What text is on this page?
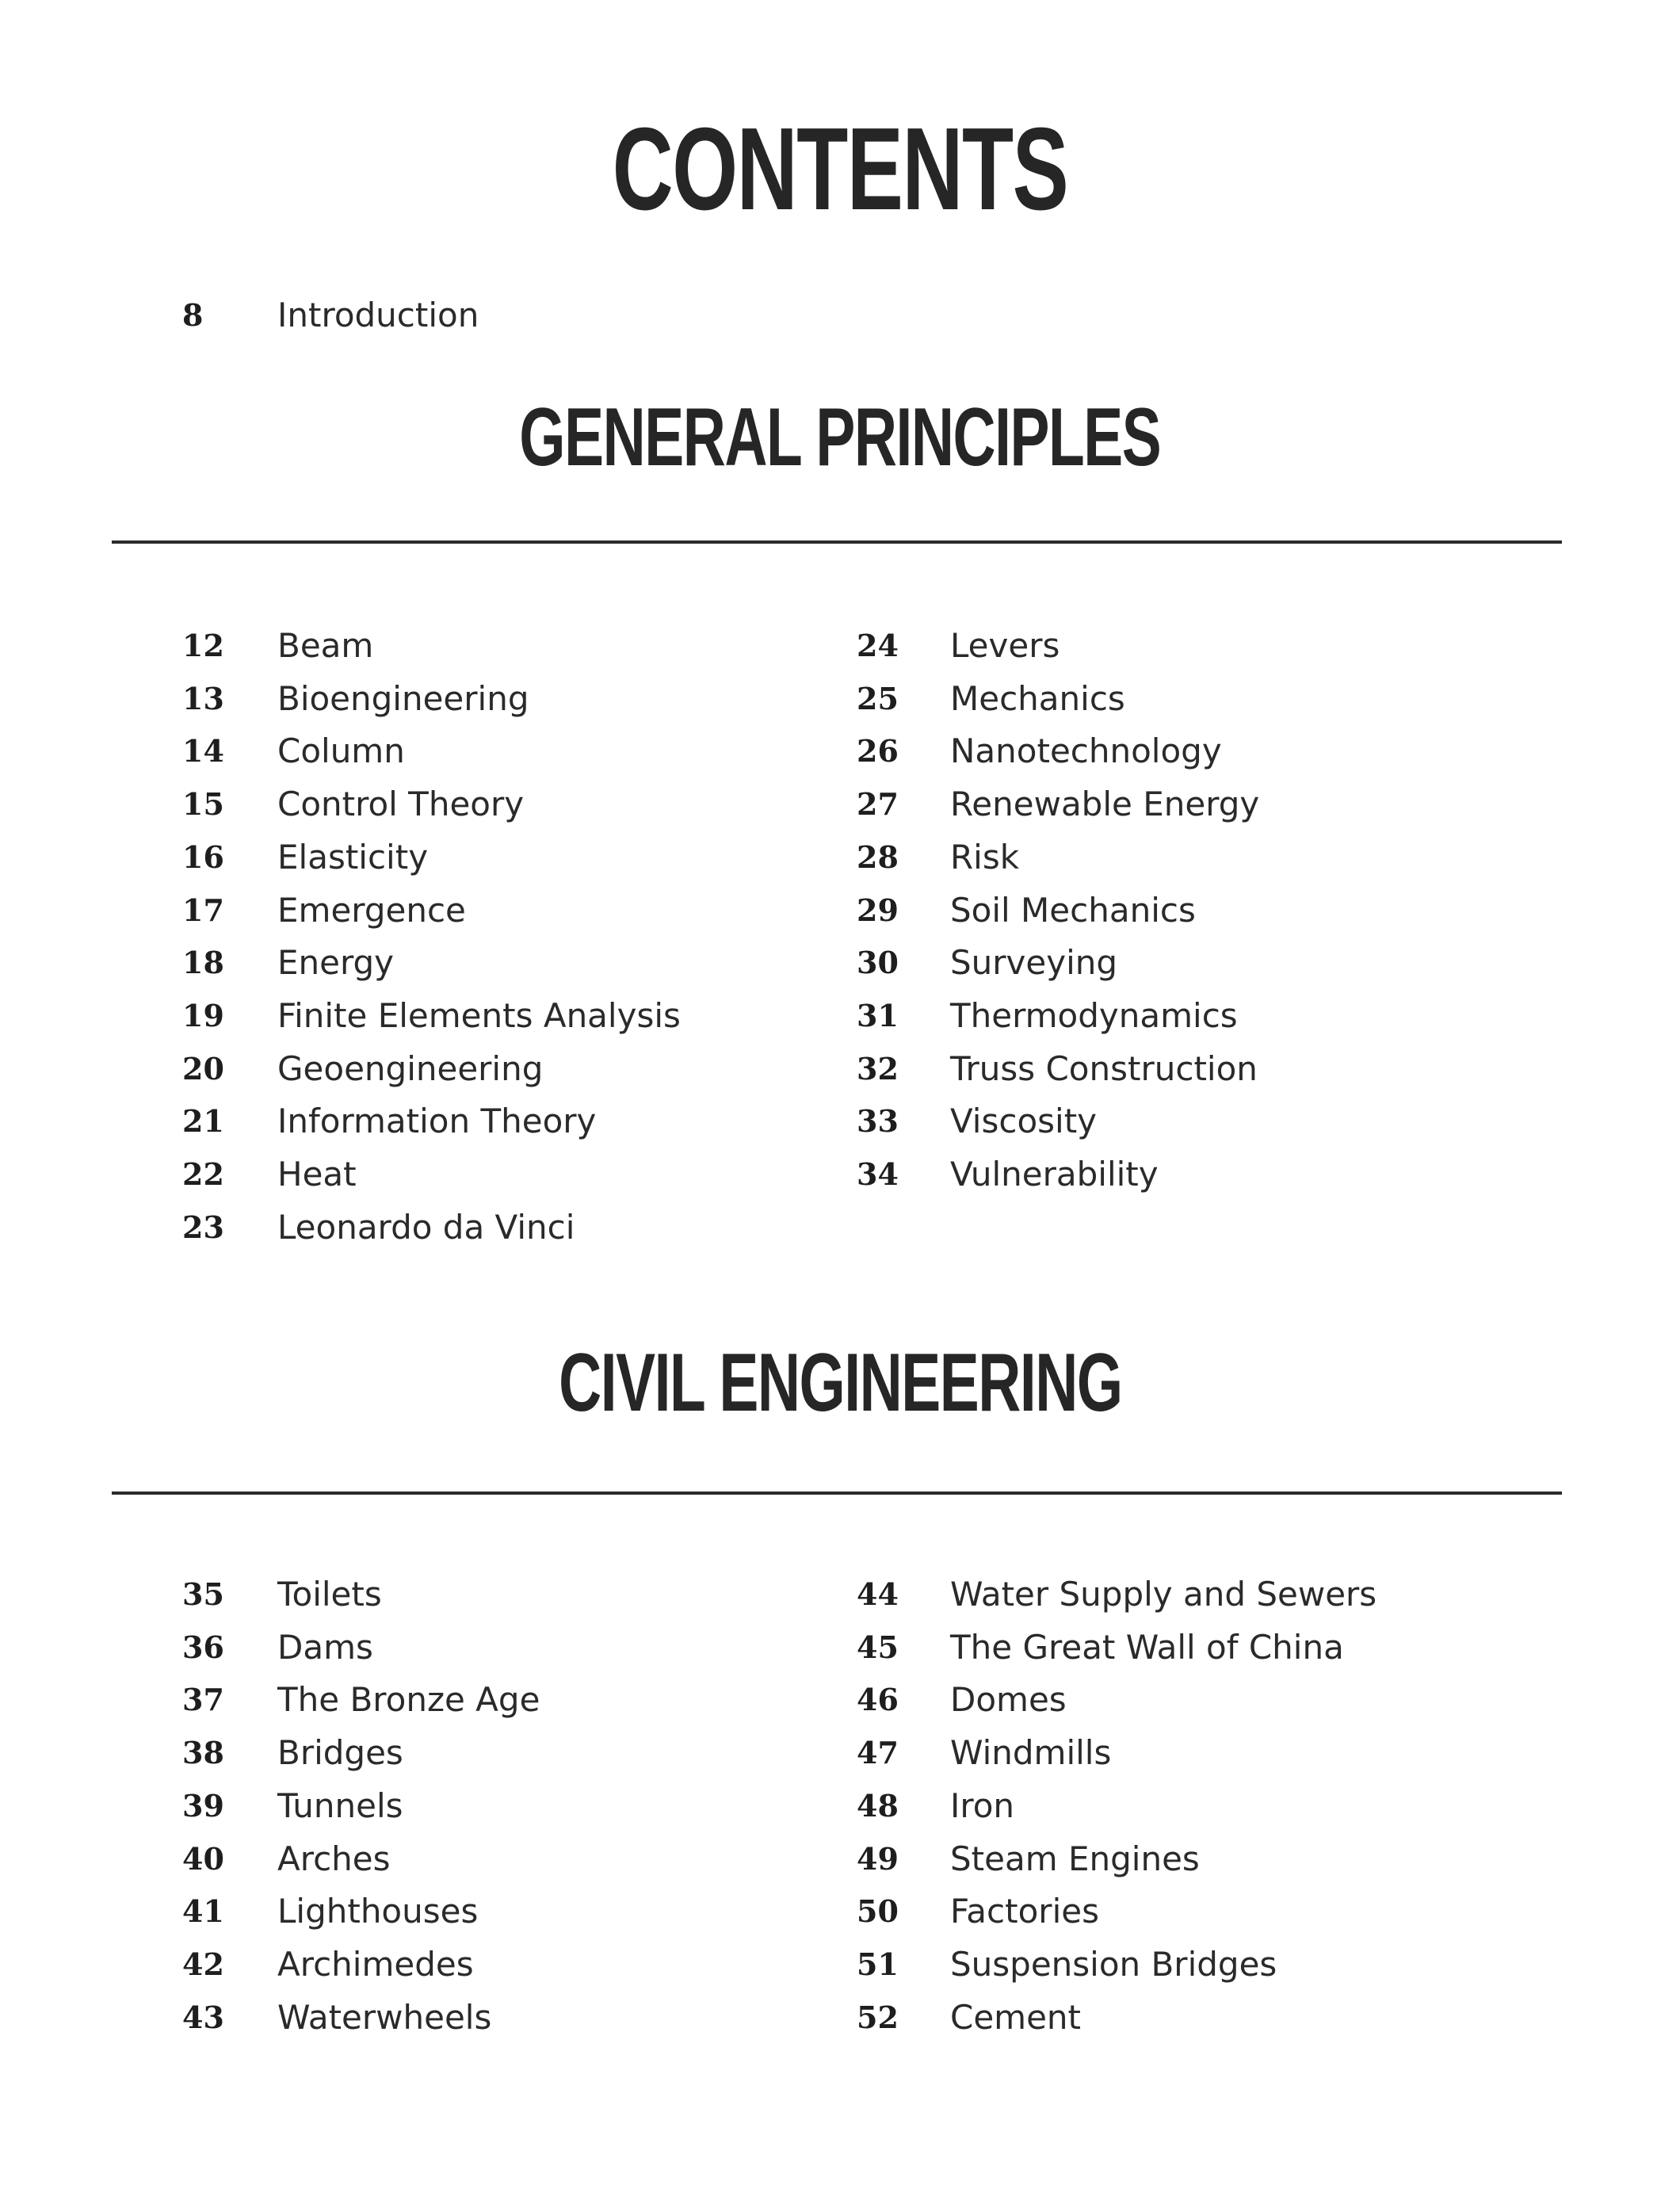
CONTENTS
8 Introduction
GENERAL PRINCIPLES
12 Beam
13 Bioengineering
14 Column
15 Control Theory
16 Elasticity
17 Emergence
18 Energy
19 Finite Elements Analysis
20 Geoengineering
21 Information Theory
22 Heat
23 Leonardo da Vinci
24 Levers
25 Mechanics
26 Nanotechnology
27 Renewable Energy
28 Risk
29 Soil Mechanics
30 Surveying
31 Thermodynamics
32 Truss Construction
33 Viscosity
34 Vulnerability
CIVIL ENGINEERING
35 Toilets
36 Dams
37 The Bronze Age
38 Bridges
39 Tunnels
40 Arches
41 Lighthouses
42 Archimedes
43 Waterwheels
44 Water Supply and Sewers
45 The Great Wall of China
46 Domes
47 Windmills
48 Iron
49 Steam Engines
50 Factories
51 Suspension Bridges
52 Cement
